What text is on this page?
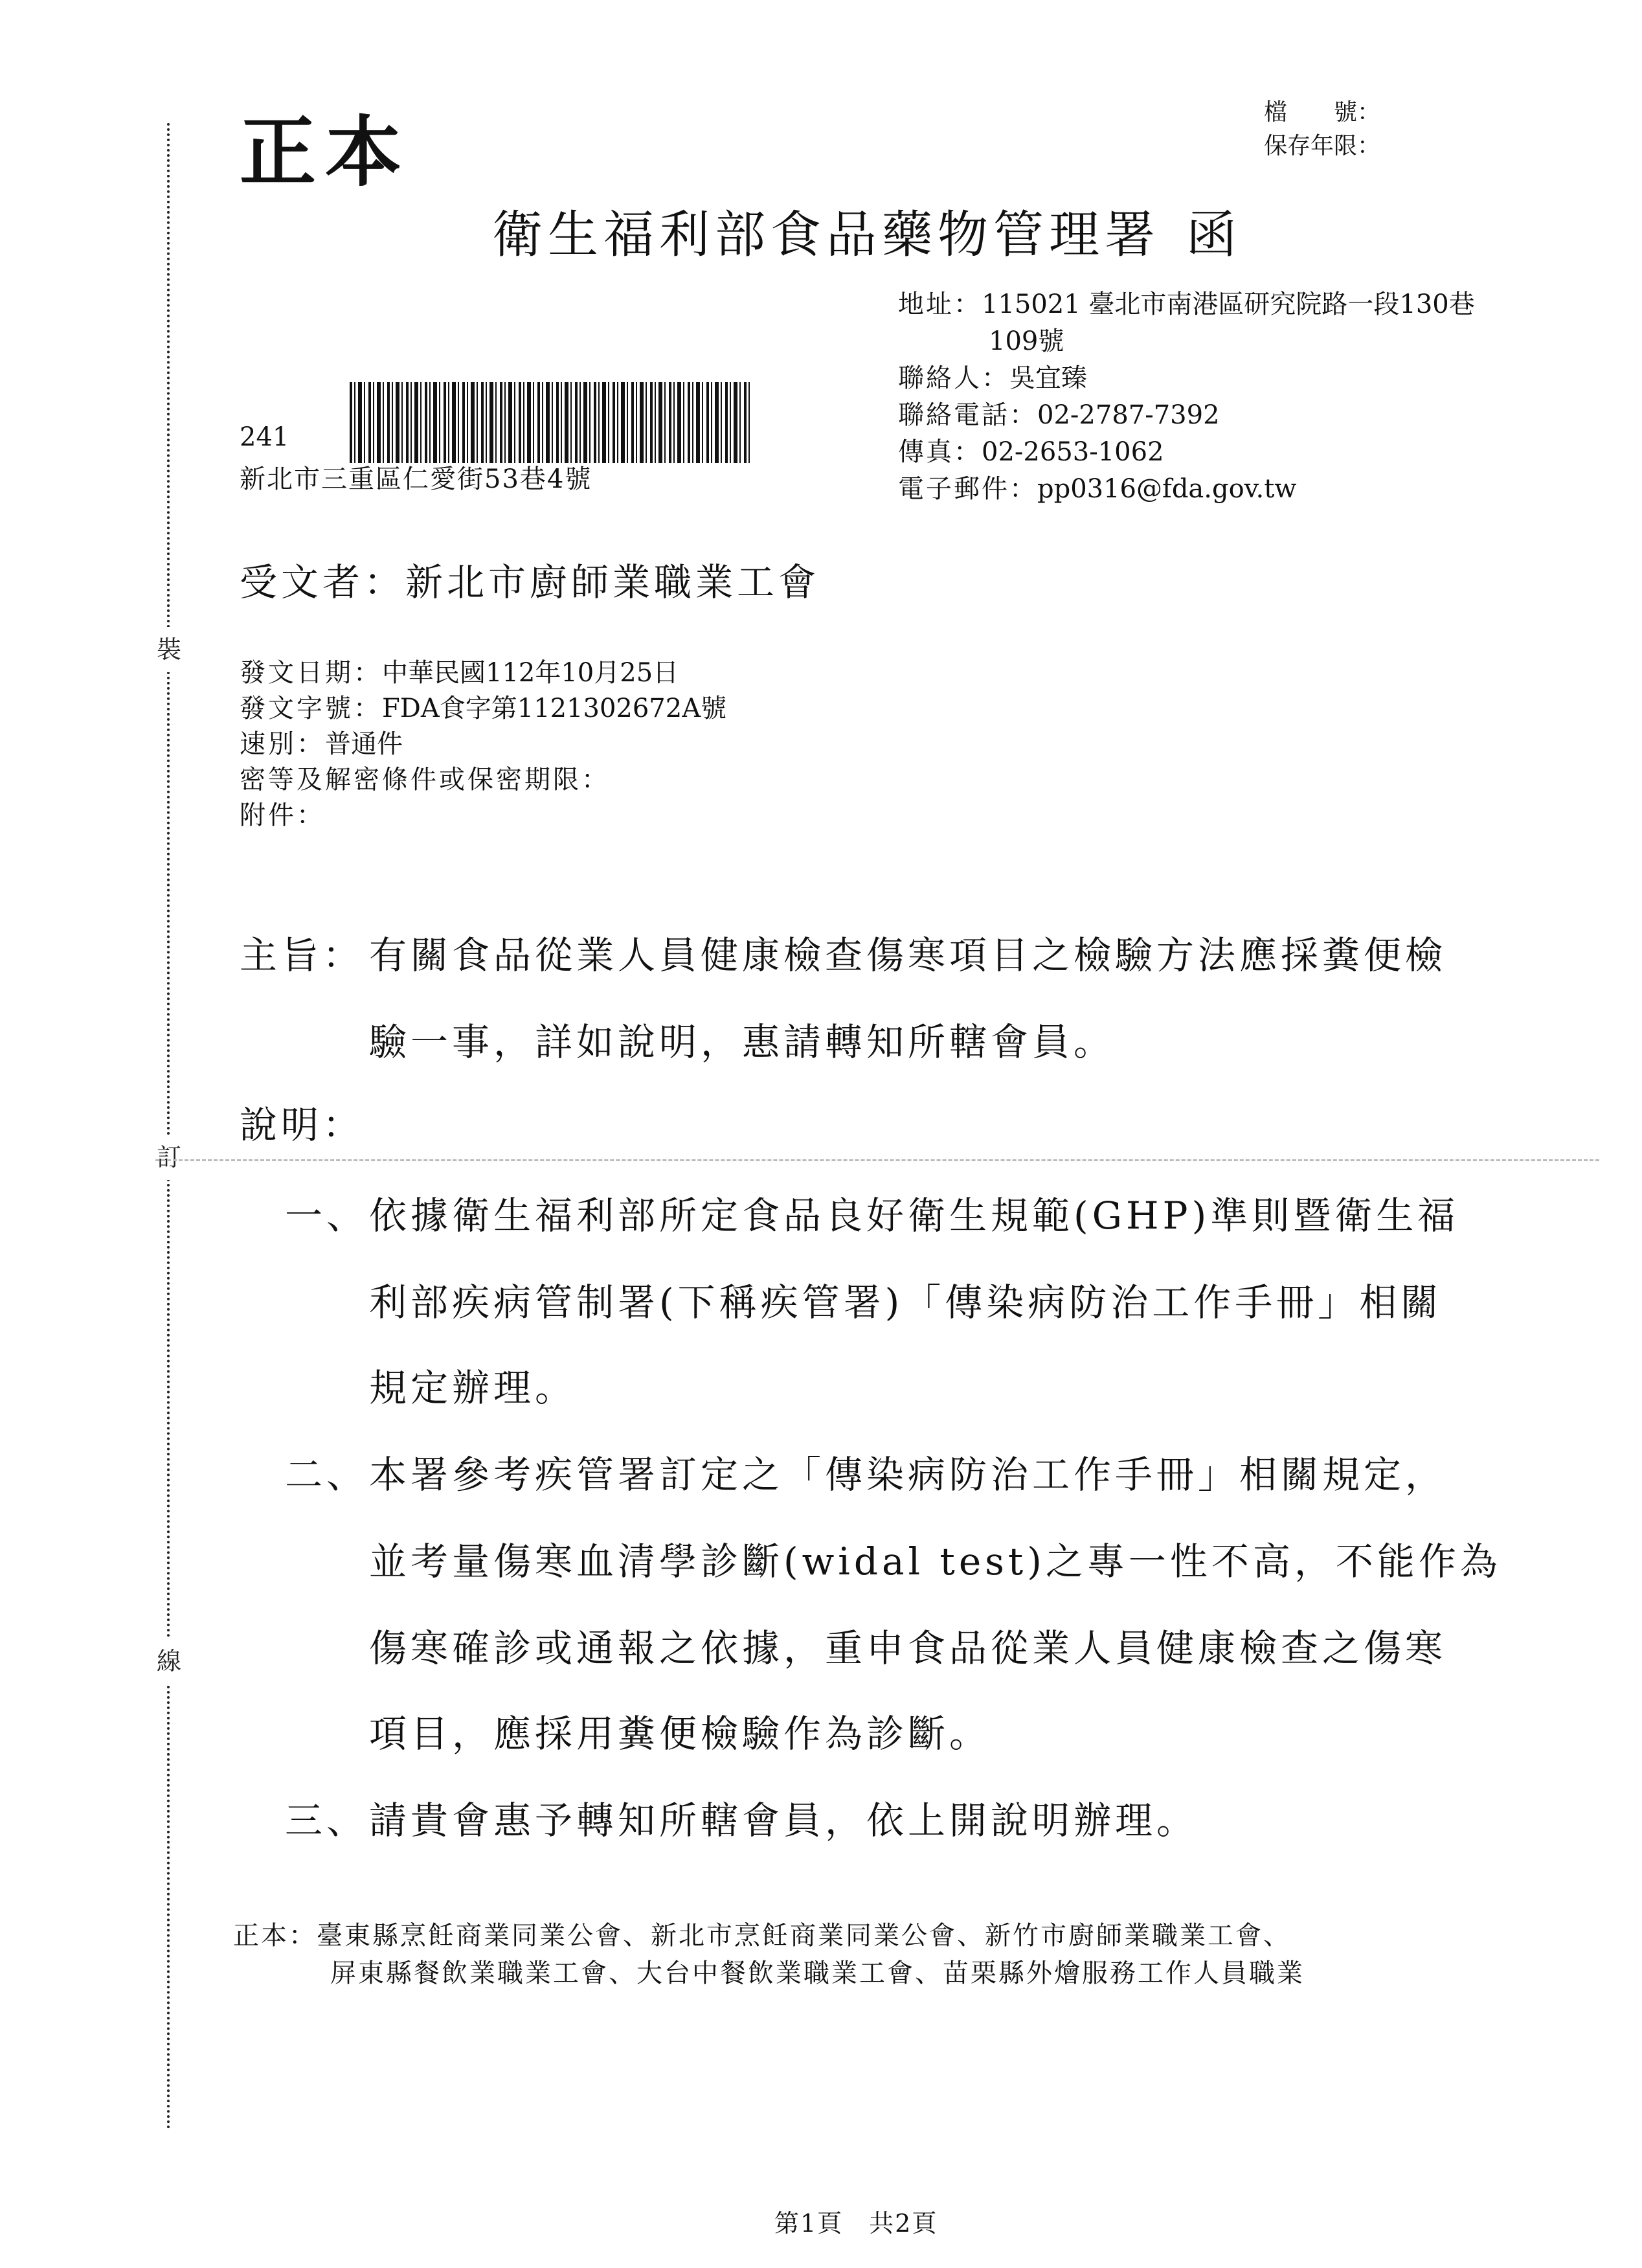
裝
訂
線
正本	檔　　號：
保存年限：
衛生福利部食品藥物管理署 函
地址：115021 臺北市南港區研究院路一段130巷
109號
聯絡人：吳宜臻
聯絡電話：02-2787-7392
傳真：02-2653-1062
電子郵件：pp0316@fda.gov.tw
241
新北市三重區仁愛街53巷4號
受文者：新北市廚師業職業工會
發文日期：中華民國112年10月25日
發文字號：FDA食字第1121302672A號
速別：普通件
密等及解密條件或保密期限：
附件：
主旨： 有關食品從業人員健康檢查傷寒項目之檢驗方法應採糞便檢
驗一事，詳如說明，惠請轉知所轄會員。
說明：
一、 依據衛生福利部所定食品良好衛生規範(GHP)準則暨衛生福
利部疾病管制署(下稱疾管署)「傳染病防治工作手冊」相關
規定辦理。
二、 本署參考疾管署訂定之「傳染病防治工作手冊」相關規定，
並考量傷寒血清學診斷(widal test)之專一性不高，不能作為
傷寒確診或通報之依據，重申食品從業人員健康檢查之傷寒
項目，應採用糞便檢驗作為診斷。
三、 請貴會惠予轉知所轄會員，依上開說明辦理。
正本：臺東縣烹飪商業同業公會、新北市烹飪商業同業公會、新竹市廚師業職業工會、
屏東縣餐飲業職業工會、大台中餐飲業職業工會、苗栗縣外燴服務工作人員職業
第1頁　共2頁
